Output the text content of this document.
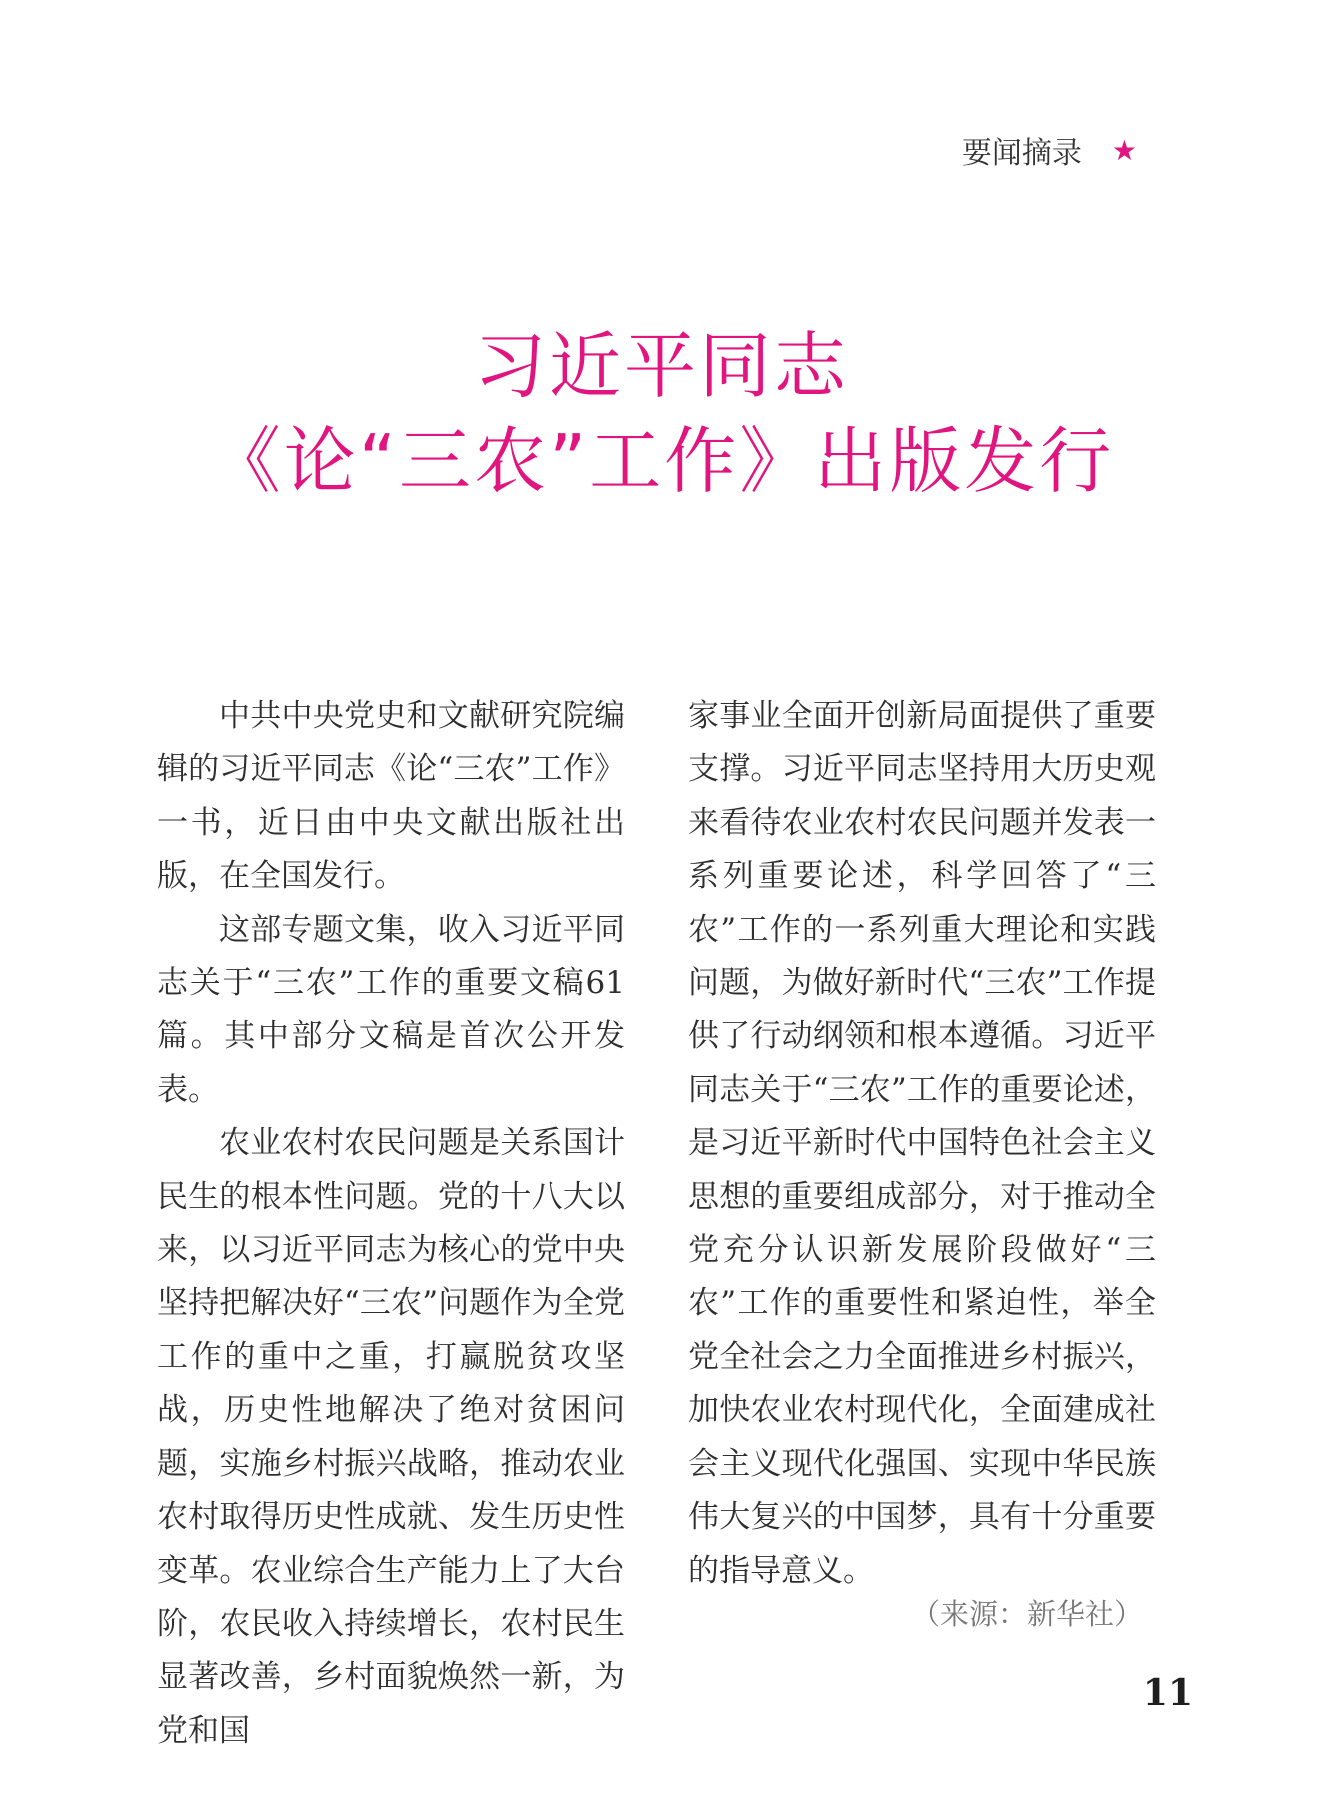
要闻摘录 ★
习近平同志
《论“三农”工作》出版发行

中共中央党史和文献研究院编辑的习近平同志《论“三农”工作》一书，近日由中央文献出版社出版，在全国发行。

这部专题文集，收入习近平同志关于“三农”工作的重要文稿61篇。其中部分文稿是首次公开发表。

农业农村农民问题是关系国计民生的根本性问题。党的十八大以来，以习近平同志为核心的党中央坚持把解决好“三农”问题作为全党工作的重中之重，打赢脱贫攻坚战，历史性地解决了绝对贫困问题，实施乡村振兴战略，推动农业农村取得历史性成就、发生历史性变革。农业综合生产能力上了大台阶，农民收入持续增长，农村民生显著改善，乡村面貌焕然一新，为党和国

家事业全面开创新局面提供了重要支撑。习近平同志坚持用大历史观来看待农业农村农民问题并发表一系列重要论述，科学回答了“三农”工作的一系列重大理论和实践问题，为做好新时代“三农”工作提供了行动纲领和根本遵循。习近平同志关于“三农”工作的重要论述，是习近平新时代中国特色社会主义思想的重要组成部分，对于推动全党充分认识新发展阶段做好“三农”工作的重要性和紧迫性，举全党全社会之力全面推进乡村振兴，加快农业农村现代化，全面建成社会主义现代化强国、实现中华民族伟大复兴的中国梦，具有十分重要的指导意义。

（来源：新华社）
11
